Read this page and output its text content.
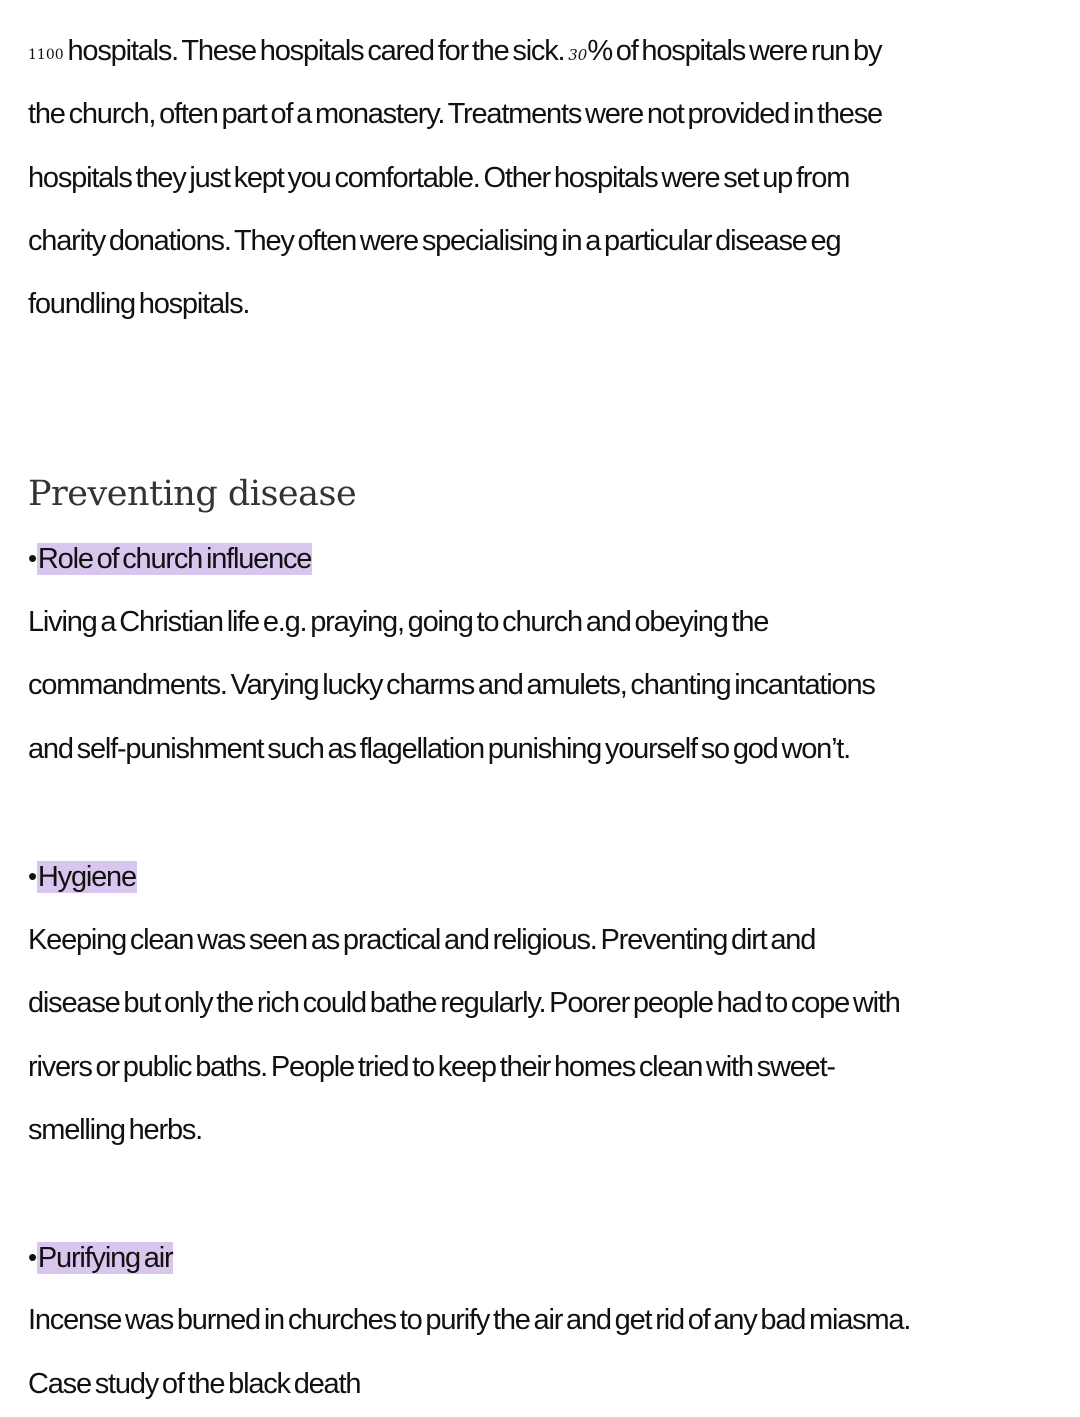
1100 hospitals. These hospitals cared for the sick. 30% of hospitals were run by
the church, often part of a monastery. Treatments were not provided in these
hospitals they just kept you comfortable. Other hospitals were set up from
charity donations. They often were specialising in a particular disease eg
foundling hospitals.
Preventing disease
•Role of church influence
Living a Christian life e.g. praying, going to church and obeying the
commandments. Varying lucky charms and amulets, chanting incantations
and self-punishment such as flagellation punishing yourself so god won’t.
•Hygiene
Keeping clean was seen as practical and religious. Preventing dirt and
disease but only the rich could bathe regularly. Poorer people had to cope with
rivers or public baths. People tried to keep their homes clean with sweet-
smelling herbs.
•Purifying air
Incense was burned in churches to purify the air and get rid of any bad miasma.
Case study of the black death
